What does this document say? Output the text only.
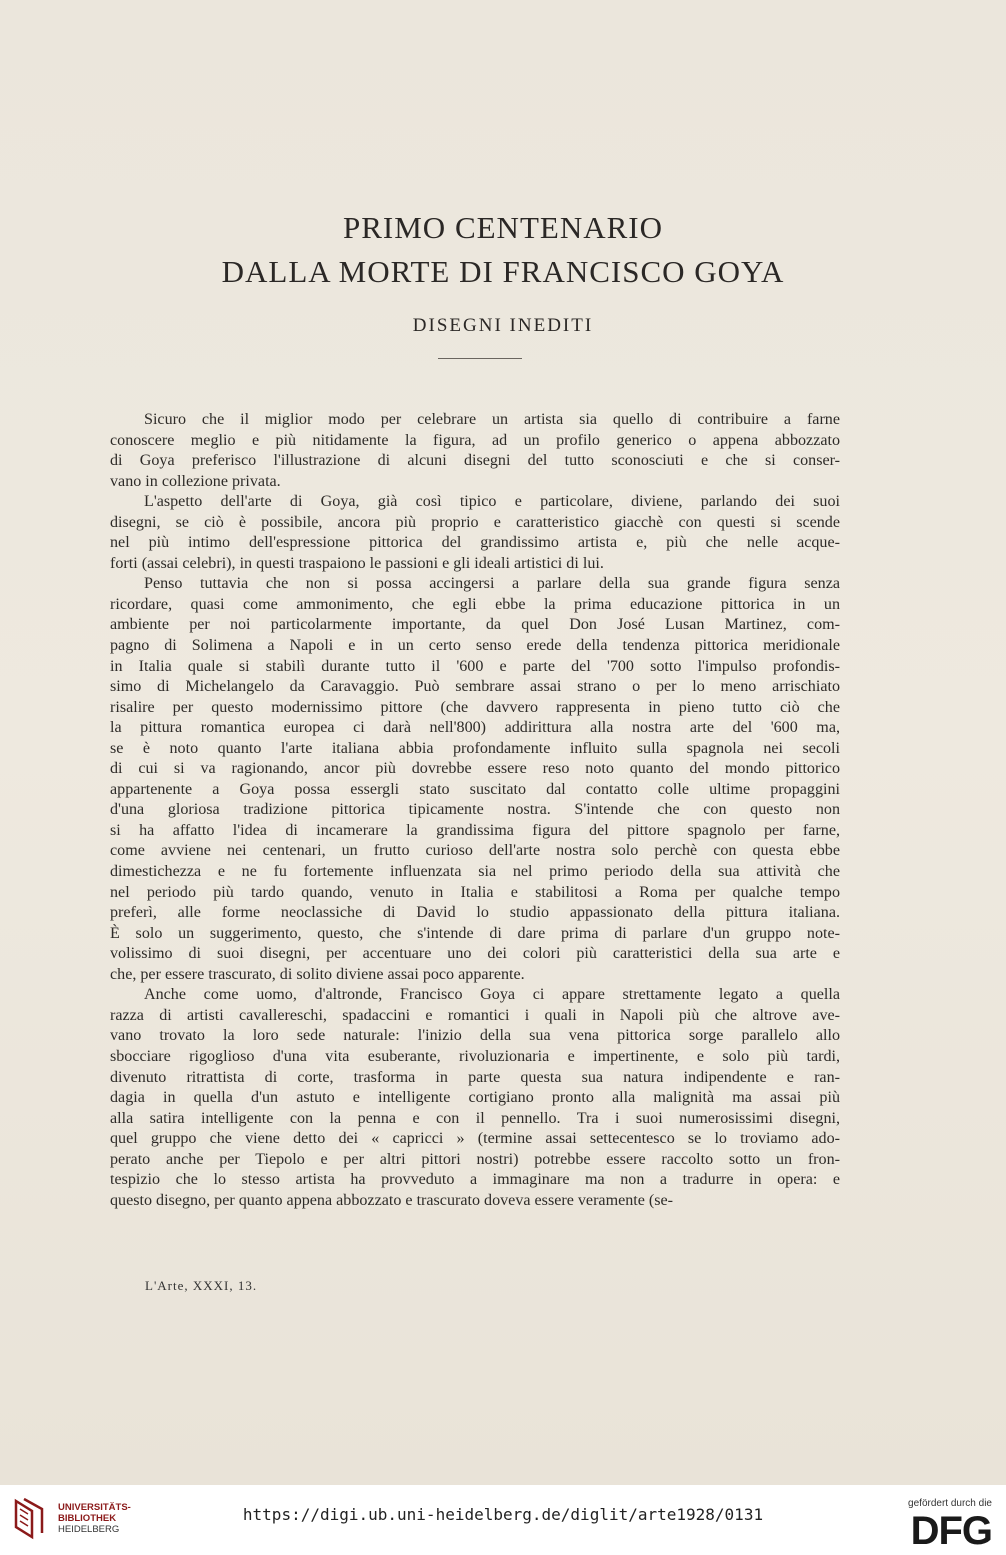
PRIMO CENTENARIO
DALLA MORTE DI FRANCISCO GOYA
DISEGNI INEDITI
Sicuro che il miglior modo per celebrare un artista sia quello di contribuire a farne
conoscere meglio e più nitidamente la figura, ad un profilo generico o appena abbozzato
di Goya preferisco l'illustrazione di alcuni disegni del tutto sconosciuti e che si conser-
vano in collezione privata.
L'aspetto dell'arte di Goya, già così tipico e particolare, diviene, parlando dei suoi
disegni, se ciò è possibile, ancora più proprio e caratteristico giacchè con questi si scende
nel più intimo dell'espressione pittorica del grandissimo artista e, più che nelle acque-
forti (assai celebri), in questi traspaiono le passioni e gli ideali artistici di lui.
Penso tuttavia che non si possa accingersi a parlare della sua grande figura senza
ricordare, quasi come ammonimento, che egli ebbe la prima educazione pittorica in un
ambiente per noi particolarmente importante, da quel Don José Lusan Martinez, com-
pagno di Solimena a Napoli e in un certo senso erede della tendenza pittorica meridionale
in Italia quale si stabilì durante tutto il '600 e parte del '700 sotto l'impulso profondis-
simo di Michelangelo da Caravaggio. Può sembrare assai strano o per lo meno arrischiato
risalire per questo modernissimo pittore (che davvero rappresenta in pieno tutto ciò che
la pittura romantica europea ci darà nell'800) addirittura alla nostra arte del '600 ma,
se è noto quanto l'arte italiana abbia profondamente influito sulla spagnola nei secoli
di cui si va ragionando, ancor più dovrebbe essere reso noto quanto del mondo pittorico
appartenente a Goya possa essergli stato suscitato dal contatto colle ultime propaggini
d'una gloriosa tradizione pittorica tipicamente nostra. S'intende che con questo non
si ha affatto l'idea di incamerare la grandissima figura del pittore spagnolo per farne,
come avviene nei centenari, un frutto curioso dell'arte nostra solo perchè con questa ebbe
dimestichezza e ne fu fortemente influenzata sia nel primo periodo della sua attività che
nel periodo più tardo quando, venuto in Italia e stabilitosi a Roma per qualche tempo
preferì, alle forme neoclassiche di David lo studio appassionato della pittura italiana.
È solo un suggerimento, questo, che s'intende di dare prima di parlare d'un gruppo note-
volissimo di suoi disegni, per accentuare uno dei colori più caratteristici della sua arte e
che, per essere trascurato, di solito diviene assai poco apparente.
Anche come uomo, d'altronde, Francisco Goya ci appare strettamente legato a quella
razza di artisti cavallereschi, spadaccini e romantici i quali in Napoli più che altrove ave-
vano trovato la loro sede naturale: l'inizio della sua vena pittorica sorge parallelo allo
sbocciare rigoglioso d'una vita esuberante, rivoluzionaria e impertinente, e solo più tardi,
divenuto ritrattista di corte, trasforma in parte questa sua natura indipendente e ran-
dagia in quella d'un astuto e intelligente cortigiano pronto alla malignità ma assai più
alla satira intelligente con la penna e con il pennello. Tra i suoi numerosissimi disegni,
quel gruppo che viene detto dei « capricci » (termine assai settecentesco se lo troviamo ado-
perato anche per Tiepolo e per altri pittori nostri) potrebbe essere raccolto sotto un fron-
tespizio che lo stesso artista ha provveduto a immaginare ma non a tradurre in opera: e
questo disegno, per quanto appena abbozzato e trascurato doveva essere veramente (se-
L'Arte, XXXI, 13.
UNIVERSITÄTS-
BIBLIOTHEK
HEIDELBERG
https://digi.ub.uni-heidelberg.de/diglit/arte1928/0131
gefördert durch die
DFG
